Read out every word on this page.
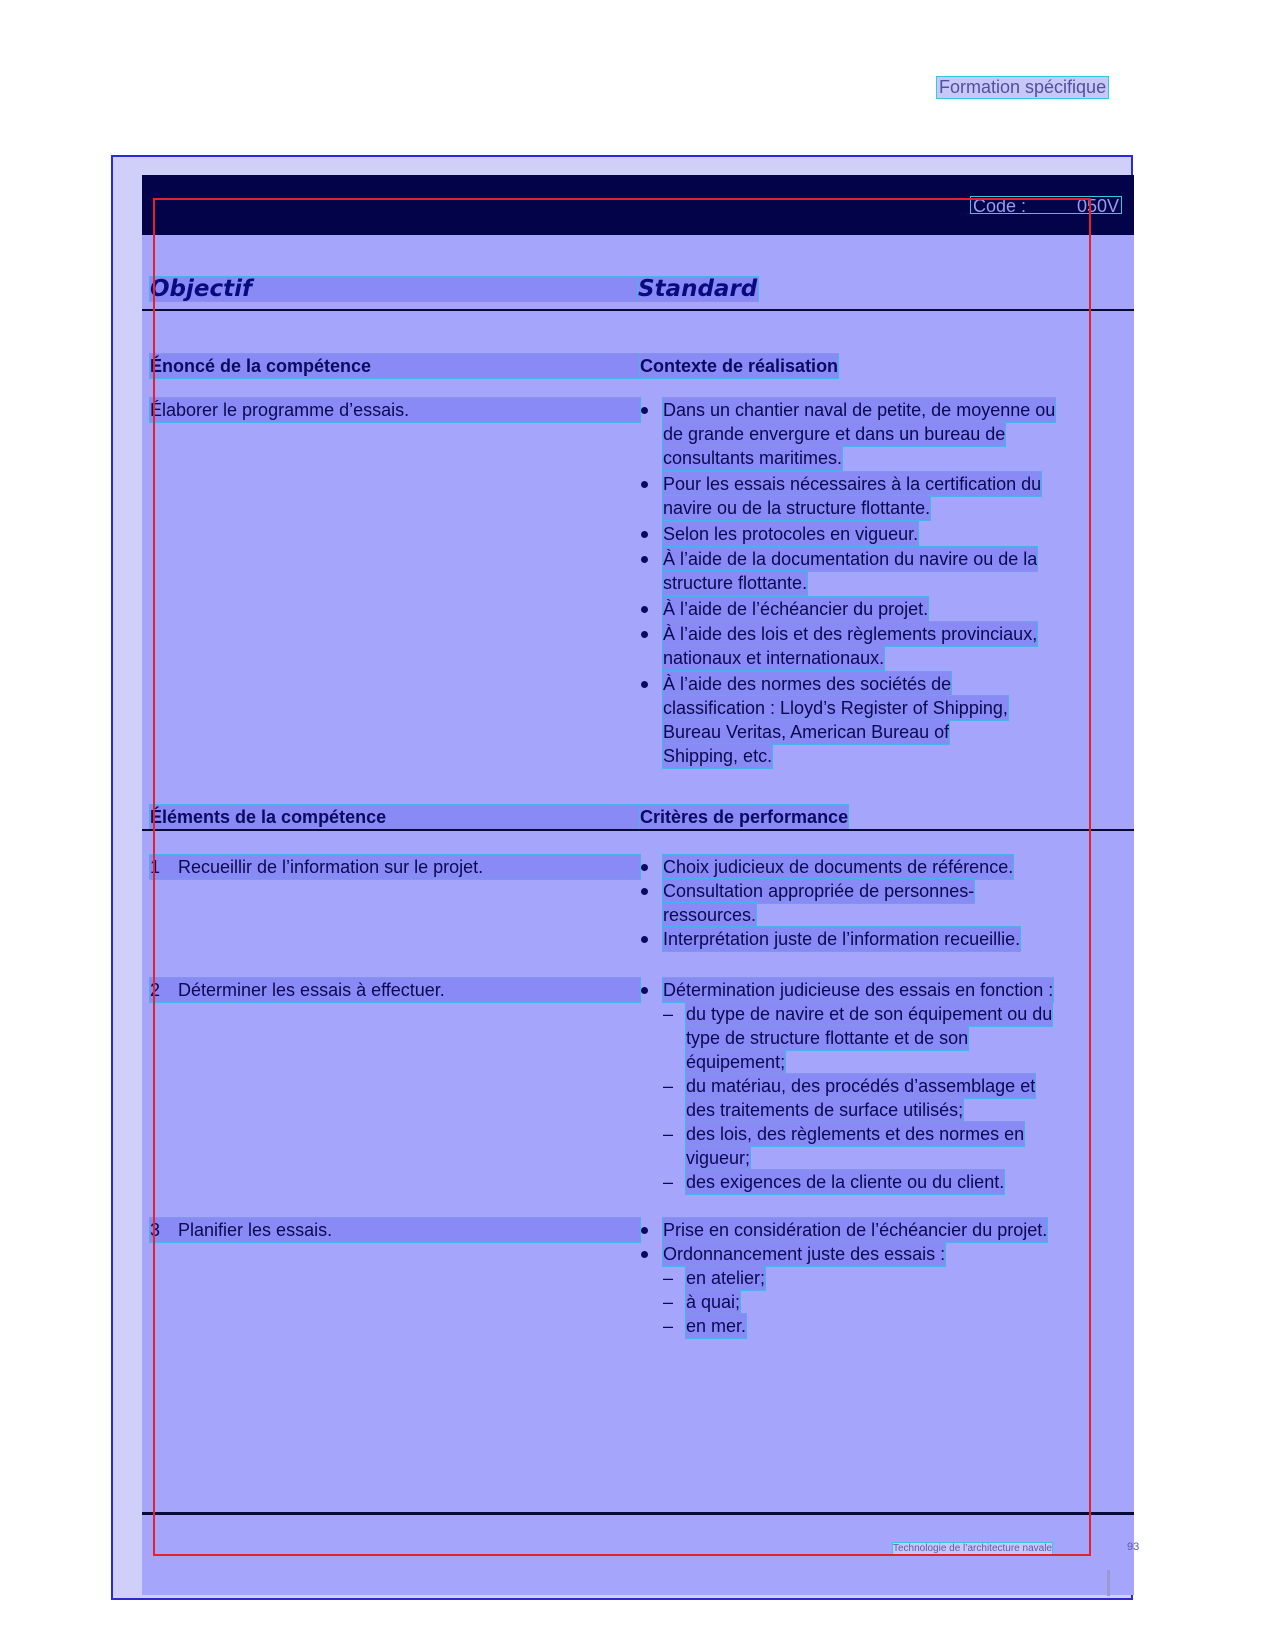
Formation spécifique
Code :	050V
Objectif	Standard
Énoncé de la compétence	Contexte de réalisation
Élaborer le programme d’essais.	Dans un chantier naval de petite, de moyenne ou
de grande envergure et dans un bureau de
consultants maritimes.
Pour les essais nécessaires à la certification du
navire ou de la structure flottante.
Selon les protocoles en vigueur.
À l’aide de la documentation du navire ou de la
structure flottante.
À l’aide de l’échéancier du projet.
À l’aide des lois et des règlements provinciaux,
nationaux et internationaux.
À l’aide des normes des sociétés de
classification : Lloyd’s Register of Shipping,
Bureau Veritas, American Bureau of
Shipping, etc.
Éléments de la compétence	Critères de performance
1 Recueillir de l’information sur le projet.	Choix judicieux de documents de référence.
Consultation appropriée de personnes-
ressources.
Interprétation juste de l’information recueillie.
2 Déterminer les essais à effectuer.	Détermination judicieuse des essais en fonction :
– du type de navire et de son équipement ou du
type de structure flottante et de son
équipement;
– du matériau, des procédés d’assemblage et
des traitements de surface utilisés;
– des lois, des règlements et des normes en
vigueur;
– des exigences de la cliente ou du client.
3 Planifier les essais.	Prise en considération de l’échéancier du projet.
Ordonnancement juste des essais :
– en atelier;
– à quai;
– en mer.
Technologie de l’architecture navale	93
